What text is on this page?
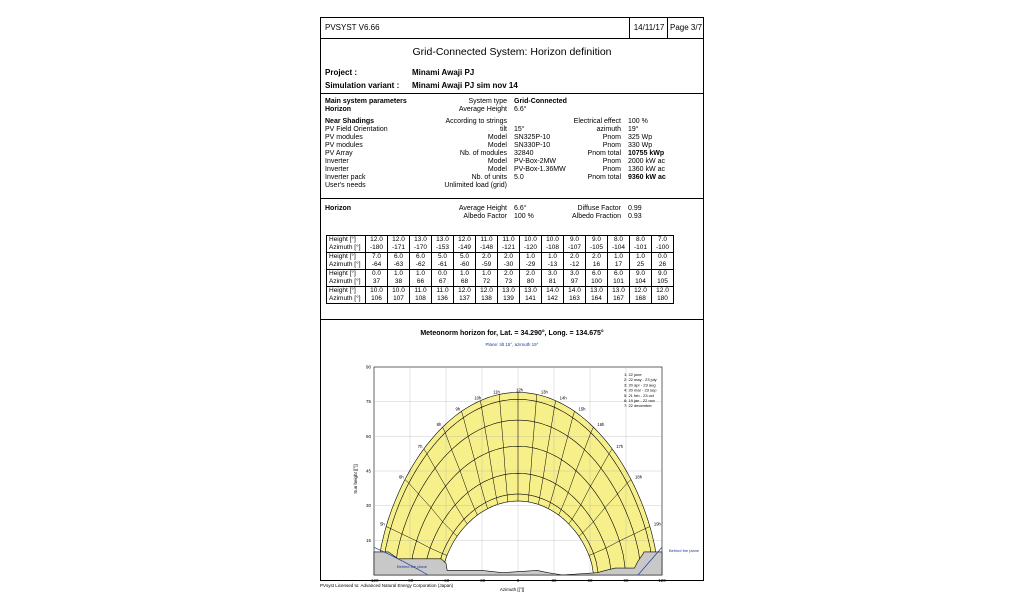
PVSYST V6.66	14/11/17 Page 3/7
Grid-Connected System: Horizon definition
Project :	Minami Awaji PJ
Simulation variant : Minami Awaji PJ sim nov 14
Main system parameters
Horizon
System type Grid-Connected
Average Height 6.6°
Near Shadings	According to strings	Electrical effect 100 %
PV Field Orientation	tilt 15°	azimuth 19°
PV modules	Model SN325P-10	Pnom 325 Wp
PV modules	Model SN330P-10	Pnom 330 Wp
PV Array	Nb. of modules 32840	Pnom total 10755 kWp
Inverter	Model PV-Box-2MW	Pnom 2000 kW ac
Inverter	Model PV-Box-1.36MW	Pnom 1360 kW ac
Inverter pack	Nb. of units 5.0	Pnom total 9360 kW ac
User's needs	Unlimited load (grid)
Horizon	Average Height 6.6°	Diffuse Factor 0.99
Albedo Factor 100 %	Albedo Fraction 0.93
Height [°]	12.0	12.0	13.0	13.0	12.0	11.0	11.0	10.0	10.0	9.0	9.0	8.0	8.0	7.0
Azimuth [°]	-180	-171	-170	-153	-149	-148	-121	-120	-108	-107	-105	-104	-101	-100
Height [°]	7.0	6.0	6.0	5.0	5.0	2.0	2.0	1.0	1.0	2.0	2.0	1.0	1.0	0.0
Azimuth [°]	-64	-63	-62	-61	-60	-59	-30	-29	-13	-12	16	17	25	26
Height [°]	0.0	1.0	1.0	0.0	1.0	1.0	2.0	2.0	3.0	3.0	6.0	6.0	9.0	9.0
Azimuth [°]	37	38	66	67	68	72	73	80	81	97	100	101	104	105
Height [°]	10.0	10.0	11.0	11.0	12.0	12.0	13.0	13.0	14.0	14.0	13.0	13.0	12.0	12.0
Azimuth [°]	106	107	108	136	137	138	139	141	142	163	164	167	168	180
Meteonorm horizon for, Lat. = 34.290°, Long. = 134.675°
Plane: tilt 15°, azimuth 19°
15
30
45
60
75
90
-120	-90	-60	-30	0	30	60	90	120
5h
6h
7h
8h
9h
10h
11h	12h	13h
14h
15h
16h
17h
18h
19h
1: 22 june
2: 22 may - 23 july
3: 20 apr - 23 aug
4: 20 mar - 23 sep
5: 21 feb - 23 oct
6: 19 jan - 22 nov
7: 22 december
Sun height [[°]]
Azimuth [[°]]
Behind the plane
Behind the plane
PVsyst Licensed to: Advanced Natural Energy Corporation (Japan)
